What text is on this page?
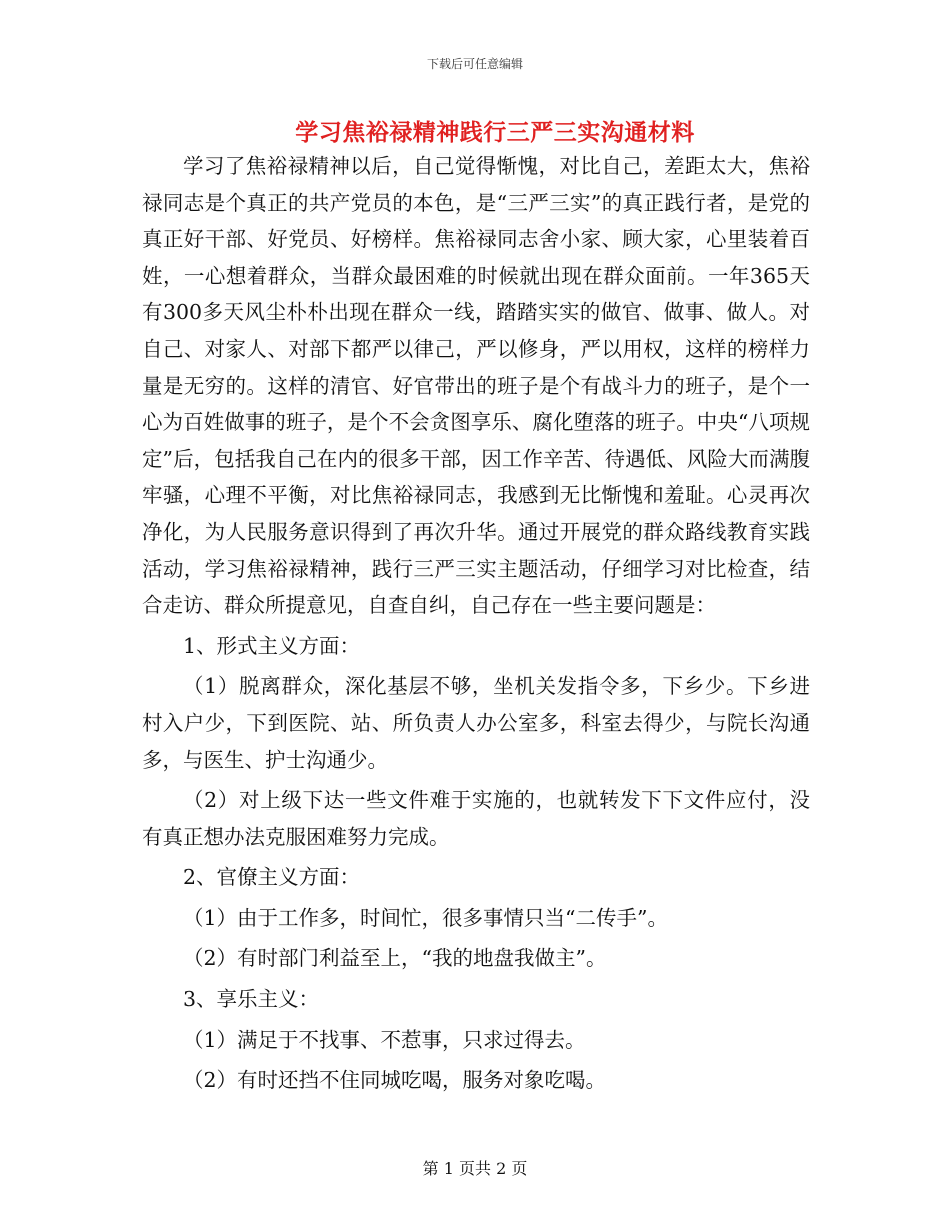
下载后可任意编辑
学习焦裕禄精神践行三严三实沟通材料

学习了焦裕禄精神以后，自己觉得惭愧，对比自己，差距太大，焦裕禄同志是个真正的共产党员的本色，是“三严三实”的真正践行者，是党的真正好干部、好党员、好榜样。焦裕禄同志舍小家、顾大家，心里装着百姓，一心想着群众，当群众最困难的时候就出现在群众面前。一年365天有300多天风尘朴朴出现在群众一线，踏踏实实的做官、做事、做人。对自己、对家人、对部下都严以律己，严以修身，严以用权，这样的榜样力量是无穷的。这样的清官、好官带出的班子是个有战斗力的班子，是个一心为百姓做事的班子，是个不会贪图享乐、腐化堕落的班子。中央“八项规定”后，包括我自己在内的很多干部，因工作辛苦、待遇低、风险大而满腹牢骚，心理不平衡，对比焦裕禄同志，我感到无比惭愧和羞耻。心灵再次净化，为人民服务意识得到了再次升华。通过开展党的群众路线教育实践活动，学习焦裕禄精神，践行三严三实主题活动，仔细学习对比检查，结合走访、群众所提意见，自查自纠，自己存在一些主要问题是：

1、形式主义方面：

（1）脱离群众，深化基层不够，坐机关发指令多，下乡少。下乡进村入户少，下到医院、站、所负责人办公室多，科室去得少，与院长沟通多，与医生、护士沟通少。

（2）对上级下达一些文件难于实施的，也就转发下下文件应付，没有真正想办法克服困难努力完成。

2、官僚主义方面：

（1）由于工作多，时间忙，很多事情只当“二传手”。

（2）有时部门利益至上，“我的地盘我做主”。

3、享乐主义：

（1）满足于不找事、不惹事，只求过得去。

（2）有时还挡不住同城吃喝，服务对象吃喝。

第 1 页共 2 页
